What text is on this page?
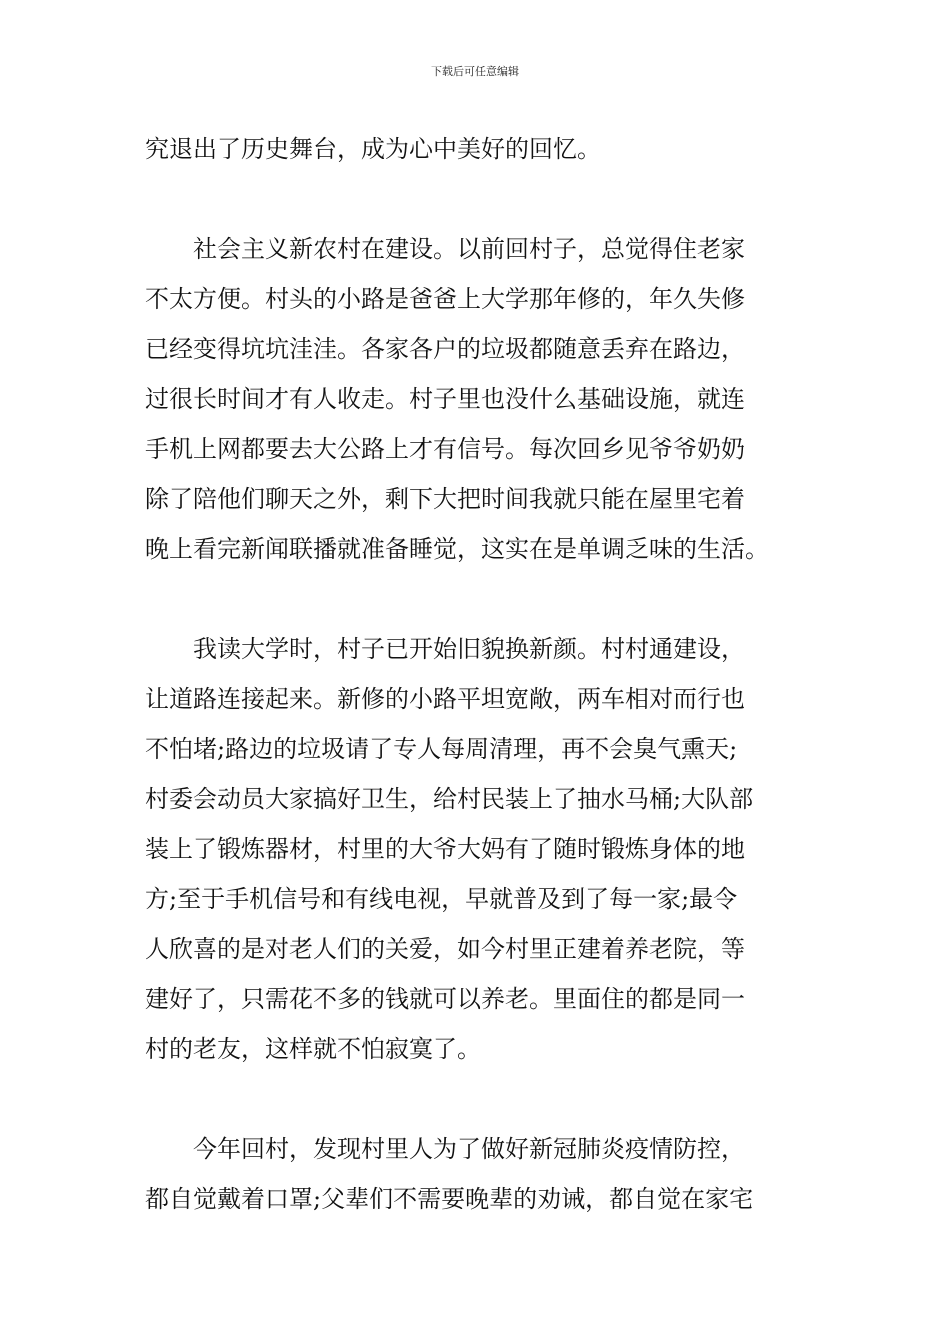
下载后可任意编辑
究退出了历史舞台，成为心中美好的回忆。
　　社会主义新农村在建设。以前回村子，总觉得住老家
不太方便。村头的小路是爸爸上大学那年修的，年久失修
已经变得坑坑洼洼。各家各户的垃圾都随意丢弃在路边，
过很长时间才有人收走。村子里也没什么基础设施，就连
手机上网都要去大公路上才有信号。每次回乡见爷爷奶奶
除了陪他们聊天之外，剩下大把时间我就只能在屋里宅着
晚上看完新闻联播就准备睡觉，这实在是单调乏味的生活。
　　我读大学时，村子已开始旧貌换新颜。村村通建设，
让道路连接起来。新修的小路平坦宽敞，两车相对而行也
不怕堵;路边的垃圾请了专人每周清理，再不会臭气熏天;
村委会动员大家搞好卫生，给村民装上了抽水马桶;大队部
装上了锻炼器材，村里的大爷大妈有了随时锻炼身体的地
方;至于手机信号和有线电视，早就普及到了每一家;最令
人欣喜的是对老人们的关爱，如今村里正建着养老院，等
建好了，只需花不多的钱就可以养老。里面住的都是同一
村的老友，这样就不怕寂寞了。
　　今年回村，发现村里人为了做好新冠肺炎疫情防控，
都自觉戴着口罩;父辈们不需要晚辈的劝诫，都自觉在家宅
